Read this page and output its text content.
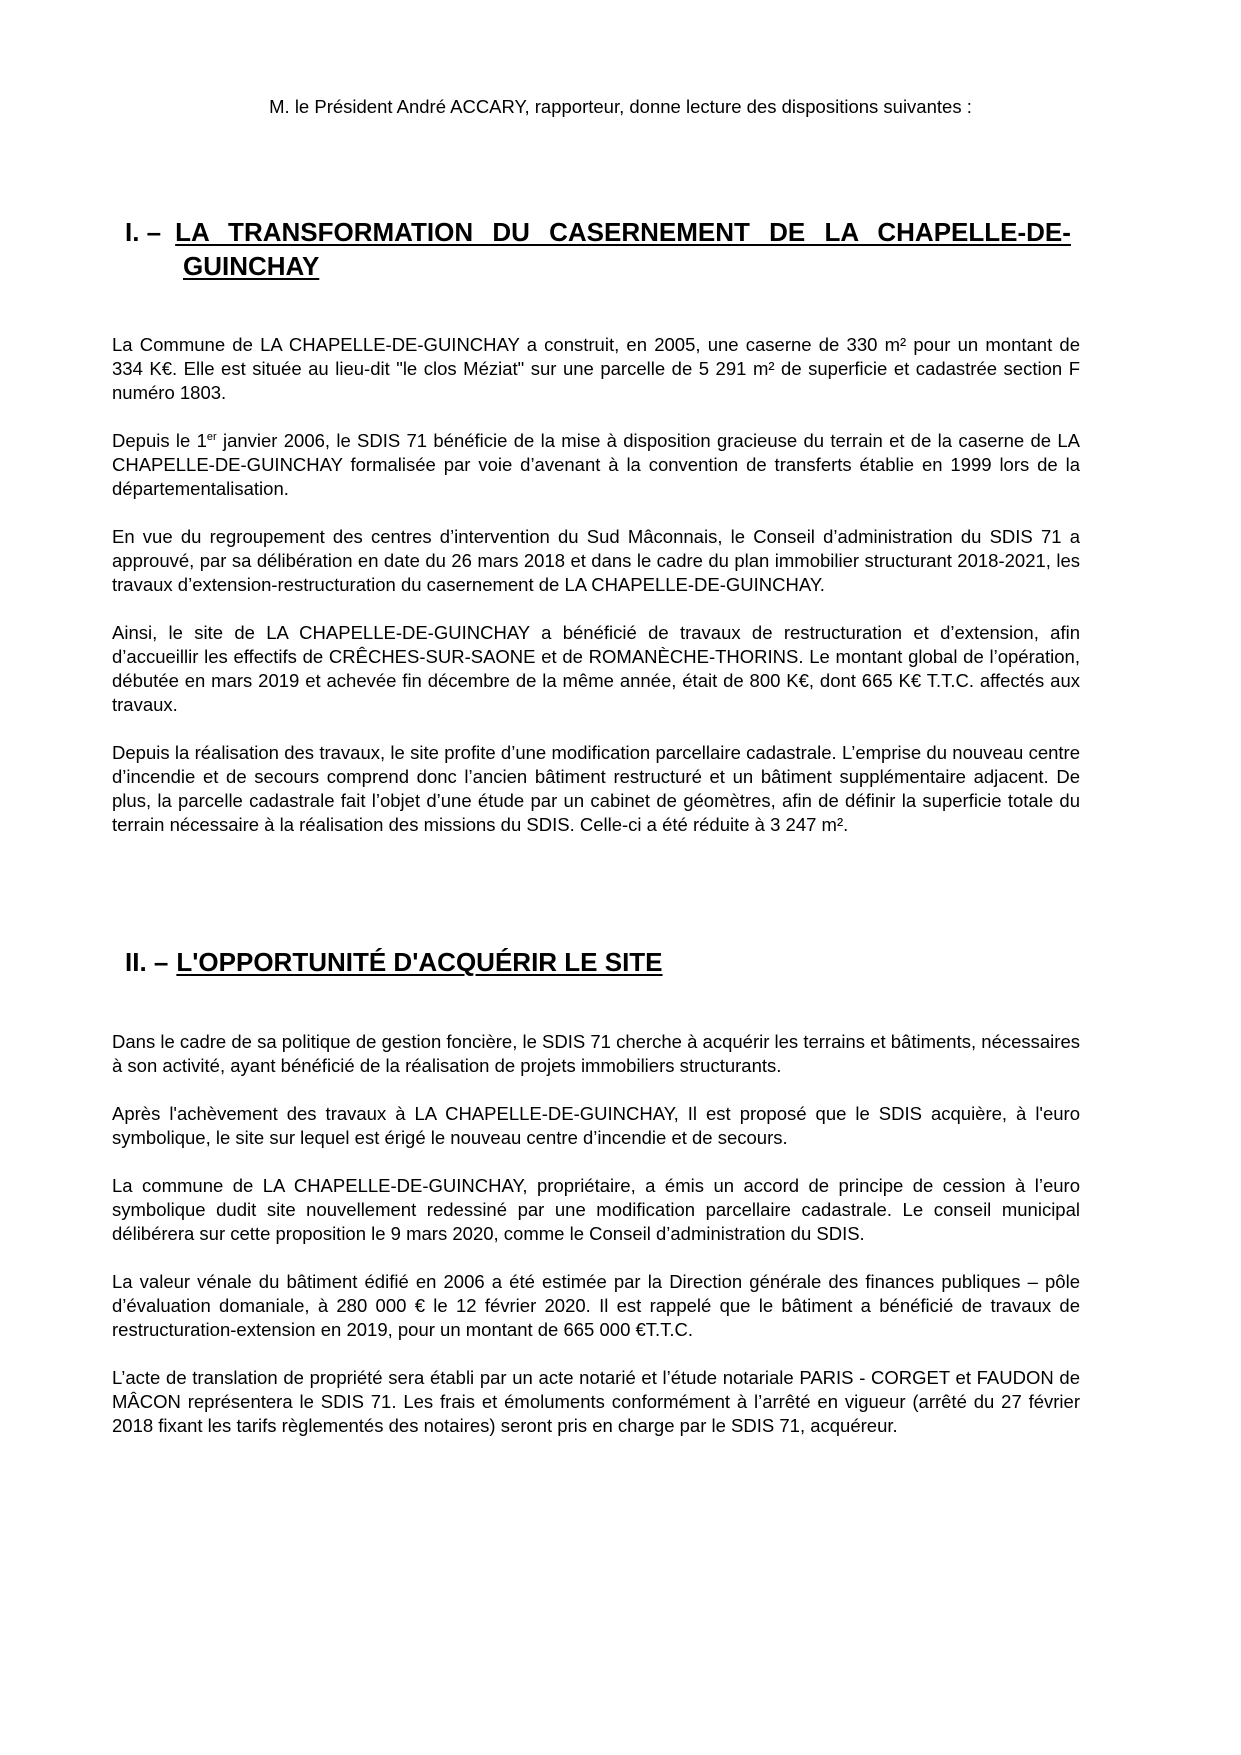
M. le Président André ACCARY, rapporteur, donne lecture des dispositions suivantes :

I. – LA TRANSFORMATION DU CASERNEMENT DE LA CHAPELLE-DE-
GUINCHAY

La Commune de LA CHAPELLE-DE-GUINCHAY a construit, en 2005, une caserne de 330 m² pour un montant de 334 K€. Elle est située au lieu-dit "le clos Méziat" sur une parcelle de 5 291 m² de superficie et cadastrée section F numéro 1803.

Depuis le 1er janvier 2006, le SDIS 71 bénéficie de la mise à disposition gracieuse du terrain et de la caserne de LA CHAPELLE-DE-GUINCHAY formalisée par voie d’avenant à la convention de transferts établie en 1999 lors de la départementalisation.

En vue du regroupement des centres d’intervention du Sud Mâconnais, le Conseil d’administration du SDIS 71 a approuvé, par sa délibération en date du 26 mars 2018 et dans le cadre du plan immobilier structurant 2018-2021, les travaux d’extension-restructuration du casernement de LA CHAPELLE-DE-GUINCHAY.

Ainsi, le site de LA CHAPELLE-DE-GUINCHAY a bénéficié de travaux de restructuration et d’extension, afin d’accueillir les effectifs de CRÊCHES-SUR-SAONE et de ROMANÈCHE-THORINS. Le montant global de l’opération, débutée en mars 2019 et achevée fin décembre de la même année, était de 800 K€, dont 665 K€ T.T.C. affectés aux travaux.

Depuis la réalisation des travaux, le site profite d’une modification parcellaire cadastrale. L’emprise du nouveau centre d’incendie et de secours comprend donc l’ancien bâtiment restructuré et un bâtiment supplémentaire adjacent. De plus, la parcelle cadastrale fait l’objet d’une étude par un cabinet de géomètres, afin de définir la superficie totale du terrain nécessaire à la réalisation des missions du SDIS. Celle-ci a été réduite à 3 247 m².

II. – L'OPPORTUNITÉ D'ACQUÉRIR LE SITE

Dans le cadre de sa politique de gestion foncière, le SDIS 71 cherche à acquérir les terrains et bâtiments, nécessaires à son activité, ayant bénéficié de la réalisation de projets immobiliers structurants.

Après l'achèvement des travaux à LA CHAPELLE-DE-GUINCHAY, Il est proposé que le SDIS acquière, à l'euro symbolique, le site sur lequel est érigé le nouveau centre d’incendie et de secours.

La commune de LA CHAPELLE-DE-GUINCHAY, propriétaire, a émis un accord de principe de cession à l’euro symbolique dudit site nouvellement redessiné par une modification parcellaire cadastrale. Le conseil municipal délibérera sur cette proposition le 9 mars 2020, comme le Conseil d’administration du SDIS.

La valeur vénale du bâtiment édifié en 2006 a été estimée par la Direction générale des finances publiques – pôle d’évaluation domaniale, à 280 000 € le 12 février 2020. Il est rappelé que le bâtiment a bénéficié de travaux de restructuration-extension en 2019, pour un montant de 665 000 €T.T.C.

L’acte de translation de propriété sera établi par un acte notarié et l’étude notariale PARIS - CORGET et FAUDON de MÂCON représentera le SDIS 71. Les frais et émoluments conformément à l’arrêté en vigueur (arrêté du 27 février 2018 fixant les tarifs règlementés des notaires) seront pris en charge par le SDIS 71, acquéreur.
